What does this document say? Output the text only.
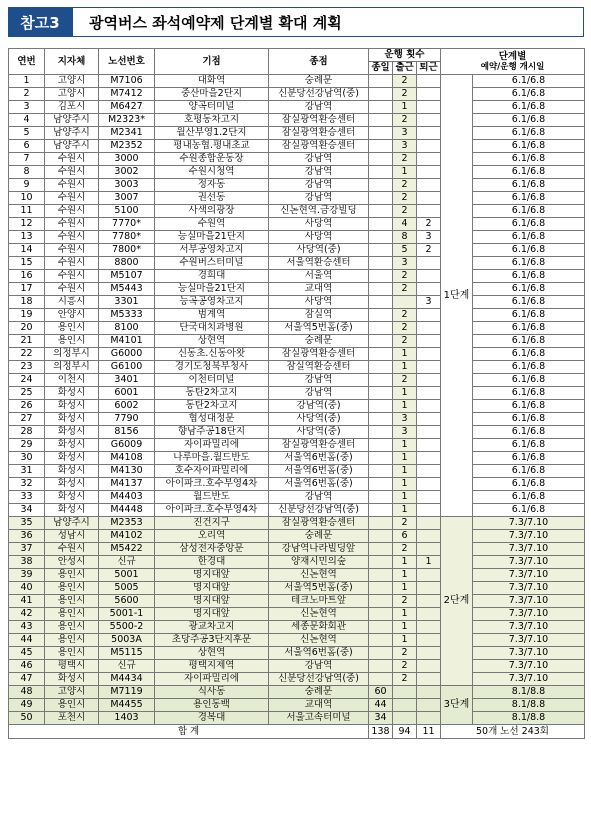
참고3	광역버스 좌석예약제 단계별 확대 계획
연번	지자체	노선번호	기점	종점	운행 횟수			단계별
예약/운행 개시일	

					종일	출근	퇴근		
1	고양시	M7106	대화역	숭례문		2		1단계	6.1/6.8
2	고양시	M7412	중산마을2단지	신분당선강남역(중)		2			6.1/6.8
3	김포시	M6427	양곡터미널	강남역		1			6.1/6.8
4	남양주시	M2323*	호평동차고지	잠실광역환승센터		2			6.1/6.8
5	남양주시	M2341	월산부영1.2단지	잠실광역환승센터		3			6.1/6.8
6	남양주시	M2352	평내농협.평내초교	잠실광역환승센터		3			6.1/6.8
7	수원시	3000	수원종합운동장	강남역		2			6.1/6.8
8	수원시	3002	수원시청역	강남역		1			6.1/6.8
9	수원시	3003	정자동	강남역		2			6.1/6.8
10	수원시	3007	권선동	강남역		2			6.1/6.8
11	수원시	5100	사색의광장	신논현역.금강빌딩		2			6.1/6.8
12	수원시	7770*	수원역	사당역		4	2		6.1/6.8
13	수원시	7780*	능실마을21단지	사당역		8	3		6.1/6.8
14	수원시	7800*	서부공영차고지	사당역(중)		5	2		6.1/6.8
15	수원시	8800	수원버스터미널	서울역환승센터		3			6.1/6.8
16	수원시	M5107	경희대	서울역		2			6.1/6.8
17	수원시	M5443	능실마을21단지	교대역		2			6.1/6.8
18	시흥시	3301	능곡공영차고지	사당역			3		6.1/6.8
19	안양시	M5333	범계역	잠실역		2			6.1/6.8
20	용인시	8100	단국대치과병원	서울역5번홈(중)		2			6.1/6.8
21	용인시	M4101	상현역	숭례문		2			6.1/6.8
22	의정부시	G6000	신동초.신동아왓	잠실광역환승센터		1			6.1/6.8
23	의정부시	G6100	경기도청북부청사	잠실역환승센터		1			6.1/6.8
24	이천시	3401	이천터미널	강남역		2			6.1/6.8
25	화성시	6001	동탄2차고지	강남역		1			6.1/6.8
26	화성시	6002	동탄2차고지	강남역(중)		1			6.1/6.8
27	화성시	7790	협성대정문	사당역(중)		3			6.1/6.8
28	화성시	8156	향남주공18단지	사당역(중)		3			6.1/6.8
29	화성시	G6009	자이파밀리에	잠실광역환승센터		1			6.1/6.8
30	화성시	M4108	나루마을.월드반도	서울역6번홈(중)		1			6.1/6.8
31	화성시	M4130	호수자이파밀리에	서울역6번홈(중)		1			6.1/6.8
32	화성시	M4137	아이파크.호수부영4차	서울역6번홈(중)		1			6.1/6.8
33	화성시	M4403	월드반도	강남역		1			6.1/6.8
34	화성시	M4448	아이파크.호수부영4차	신분당선강남역(중)		1			6.1/6.8
35	남양주시	M2353	진건지구	잠실광역환승센터		2		2단계	7.3/7.10
36	성남시	M4102	오리역	숭례문		6			7.3/7.10
37	수원시	M5422	삼성전자중앙문	강남역나라빌딩앞		2			7.3/7.10
38	안성시	신규	한경대	양재시민의숲		1	1		7.3/7.10
39	용인시	5001	명지대앞	신논현역		1			7.3/7.10
40	용인시	5005	명지대앞	서울역5번홈(중)		1			7.3/7.10
41	용인시	5600	명지대앞	테크노마트앞		2			7.3/7.10
42	용인시	5001-1	명지대앞	신논현역		1			7.3/7.10
43	용인시	5500-2	광교차고지	세종문화회관		1			7.3/7.10
44	용인시	5003A	초당주공3단지후문	신논현역		1			7.3/7.10
45	용인시	M5115	상현역	서울역6번홈(중)		2			7.3/7.10
46	평택시	신규	평택지제역	강남역		2			7.3/7.10
47	화성시	M4434	자이파밀리에	신분당선강남역(중)		2			7.3/7.10
48	고양시	M7119	식사동	숭례문	60			3단계	8.1/8.8
49	용인시	M4455	용인동백	교대역	44				8.1/8.8
50	포천시	1403	경복대	서울고속터미널	34				8.1/8.8
합 계					138	94	11	50개 노선 243회	
